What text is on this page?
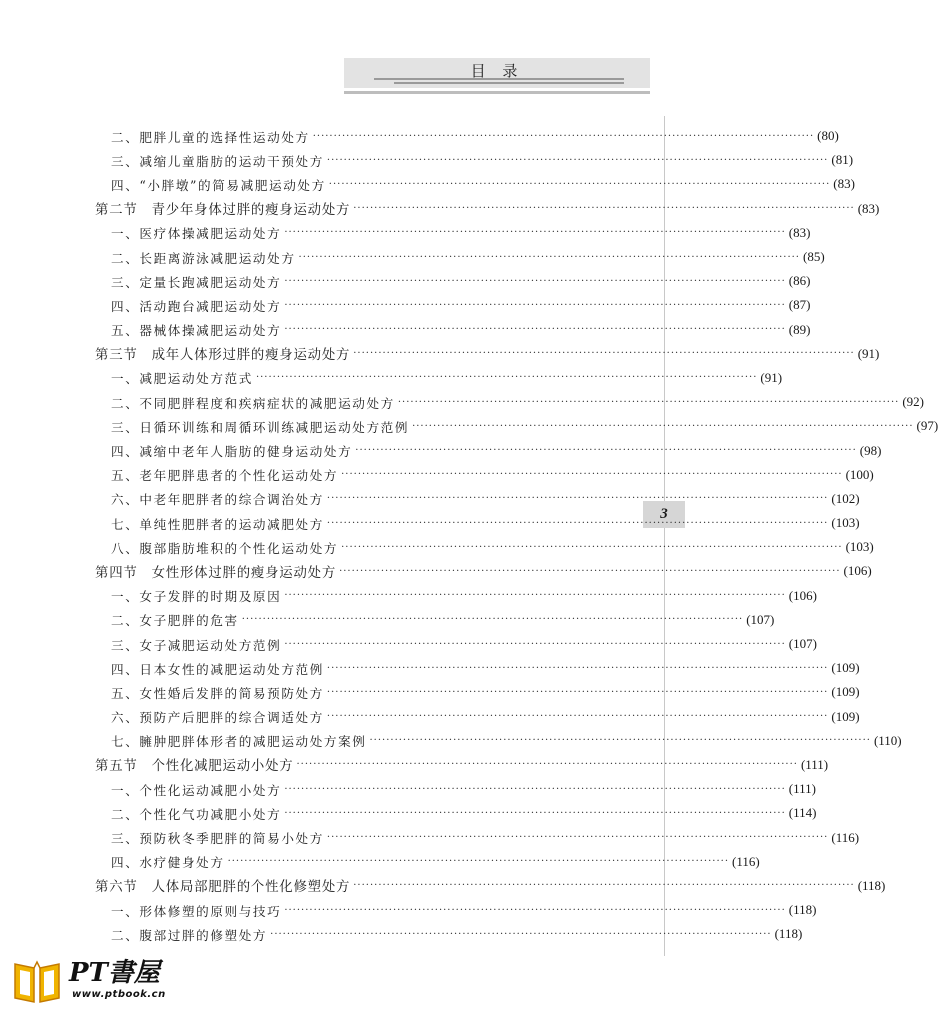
目 录
3
二、肥胖儿童的选择性运动处方 ························································································································ (80)
三、减缩儿童脂肪的运动干预处方 ························································································································ (81)
四、“小胖墩”的简易减肥运动处方 ························································································································ (83)
第二节 青少年身体过胖的瘦身运动处方 ························································································································ (83)
一、医疗体操减肥运动处方 ························································································································ (83)
二、长距离游泳减肥运动处方 ························································································································ (85)
三、定量长跑减肥运动处方 ························································································································ (86)
四、活动跑台减肥运动处方 ························································································································ (87)
五、器械体操减肥运动处方 ························································································································ (89)
第三节 成年人体形过胖的瘦身运动处方 ························································································································ (91)
一、减肥运动处方范式 ························································································································ (91)
二、不同肥胖程度和疾病症状的减肥运动处方 ························································································································ (92)
三、日循环训练和周循环训练减肥运动处方范例 ························································································································ (97)
四、减缩中老年人脂肪的健身运动处方 ························································································································ (98)
五、老年肥胖患者的个性化运动处方 ························································································································ (100)
六、中老年肥胖者的综合调治处方 ························································································································ (102)
七、单纯性肥胖者的运动减肥处方 ························································································································ (103)
八、腹部脂肪堆积的个性化运动处方 ························································································································ (103)
第四节 女性形体过胖的瘦身运动处方 ························································································································ (106)
一、女子发胖的时期及原因 ························································································································ (106)
二、女子肥胖的危害 ························································································································ (107)
三、女子减肥运动处方范例 ························································································································ (107)
四、日本女性的减肥运动处方范例 ························································································································ (109)
五、女性婚后发胖的简易预防处方 ························································································································ (109)
六、预防产后肥胖的综合调适处方 ························································································································ (109)
七、臃肿肥胖体形者的减肥运动处方案例 ························································································································ (110)
第五节 个性化减肥运动小处方 ························································································································ (111)
一、个性化运动减肥小处方 ························································································································ (111)
二、个性化气功减肥小处方 ························································································································ (114)
三、预防秋冬季肥胖的简易小处方 ························································································································ (116)
四、水疗健身处方 ························································································································ (116)
第六节 人体局部肥胖的个性化修塑处方 ························································································································ (118)
一、形体修塑的原则与技巧 ························································································································ (118)
二、腹部过胖的修塑处方 ························································································································ (118)
PT書屋
www.ptbook.cn
